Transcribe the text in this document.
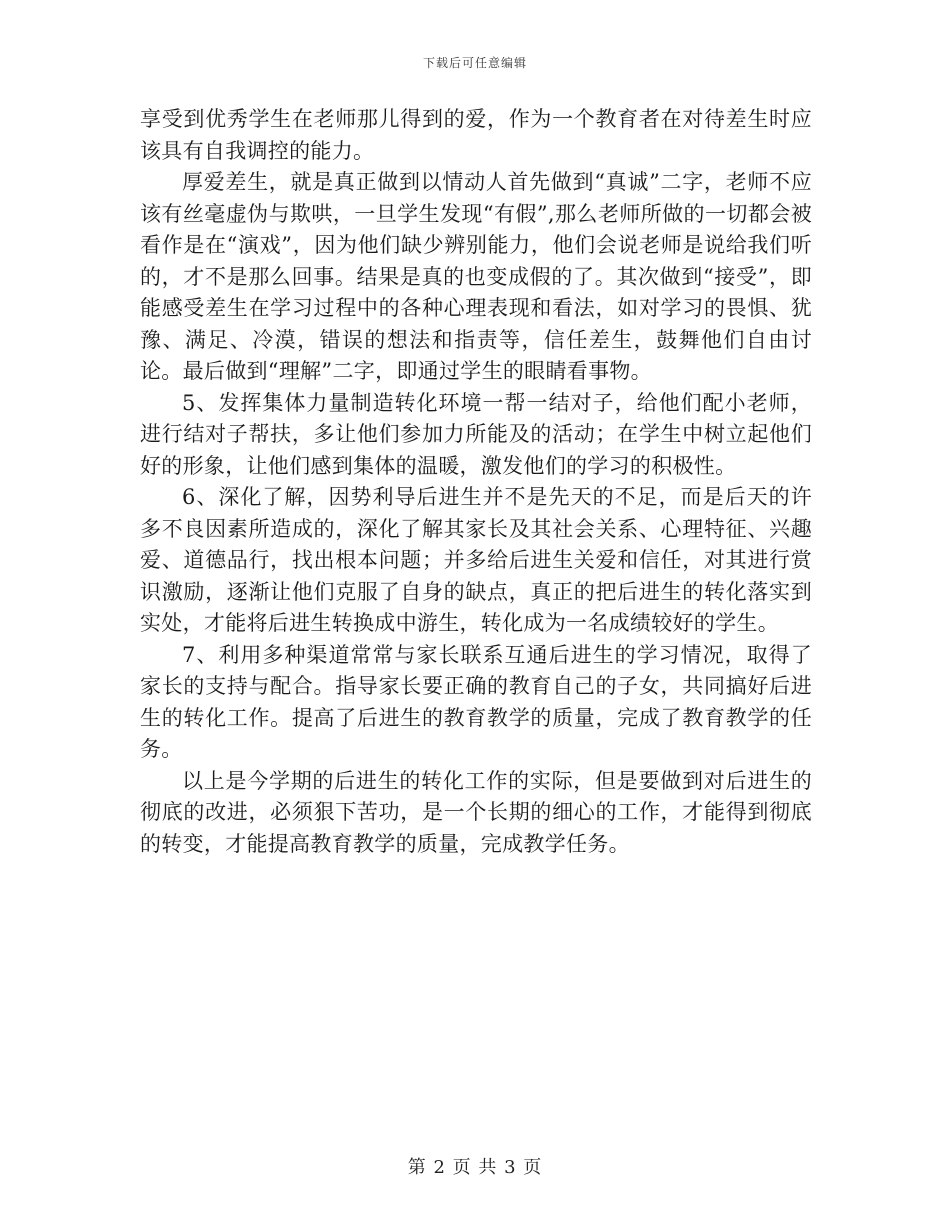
下载后可任意编辑

享受到优秀学生在老师那儿得到的爱，作为一个教育者在对待差生时应该具有自我调控的能力。

厚爱差生，就是真正做到以情动人首先做到“真诚”二字，老师不应该有丝毫虚伪与欺哄，一旦学生发现“有假”,那么老师所做的一切都会被看作是在“演戏”，因为他们缺少辨别能力，他们会说老师是说给我们听的，才不是那么回事。结果是真的也变成假的了。其次做到“接受”，即能感受差生在学习过程中的各种心理表现和看法，如对学习的畏惧、犹豫、满足、冷漠，错误的想法和指责等，信任差生，鼓舞他们自由讨论。最后做到“理解”二字，即通过学生的眼睛看事物。

5、发挥集体力量制造转化环境一帮一结对子，给他们配小老师，进行结对子帮扶，多让他们参加力所能及的活动；在学生中树立起他们好的形象，让他们感到集体的温暖，激发他们的学习的积极性。

6、深化了解，因势利导后进生并不是先天的不足，而是后天的许多不良因素所造成的，深化了解其家长及其社会关系、心理特征、兴趣爱、道德品行，找出根本问题；并多给后进生关爱和信任，对其进行赏识激励，逐渐让他们克服了自身的缺点，真正的把后进生的转化落实到实处，才能将后进生转换成中游生，转化成为一名成绩较好的学生。

7、利用多种渠道常常与家长联系互通后进生的学习情况，取得了家长的支持与配合。指导家长要正确的教育自己的子女，共同搞好后进生的转化工作。提高了后进生的教育教学的质量，完成了教育教学的任务。

以上是今学期的后进生的转化工作的实际，但是要做到对后进生的彻底的改进，必须狠下苦功，是一个长期的细心的工作，才能得到彻底的转变，才能提高教育教学的质量，完成教学任务。

第 2 页 共 3 页
